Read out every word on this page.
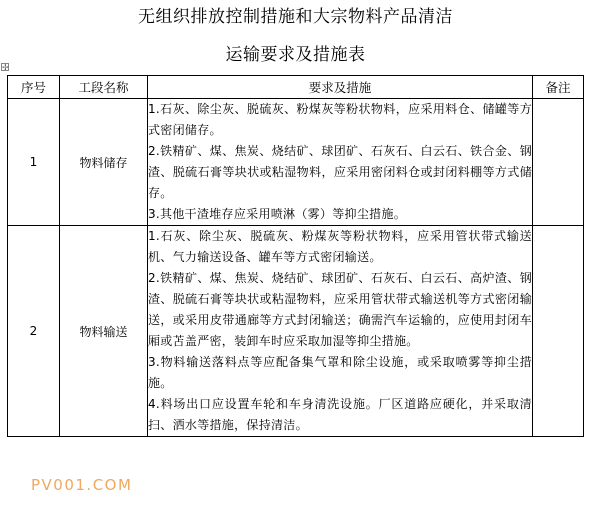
无组织排放控制措施和大宗物料产品清洁
运输要求及措施表
✢
序号	工段名称	要求及措施	备注
1	物料储存	1.石灰、除尘灰、脱硫灰、粉煤灰等粉状物料，应采用料仓、储罐等方式密闭储存。

2.铁精矿、煤、焦炭、烧结矿、球团矿、石灰石、白云石、铁合金、钢渣、脱硫石膏等块状或粘湿物料，应采用密闭料仓或封闭料棚等方式储存。

3.其他干渣堆存应采用喷淋（雾）等抑尘措施。	

2	物料输送	1.石灰、除尘灰、脱硫灰、粉煤灰等粉状物料，应采用管状带式输送机、气力输送设备、罐车等方式密闭输送。

2.铁精矿、煤、焦炭、烧结矿、球团矿、石灰石、白云石、高炉渣、钢渣、脱硫石膏等块状或粘湿物料，应采用管状带式输送机等方式密闭输送，或采用皮带通廊等方式封闭输送；确需汽车运输的，应使用封闭车厢或苫盖严密，装卸车时应采取加湿等抑尘措施。

3.物料输送落料点等应配备集气罩和除尘设施，或采取喷雾等抑尘措施。

4.料场出口应设置车轮和车身清洗设施。厂区道路应硬化，并采取清扫、洒水等措施，保持清洁。	

PV001.COM
